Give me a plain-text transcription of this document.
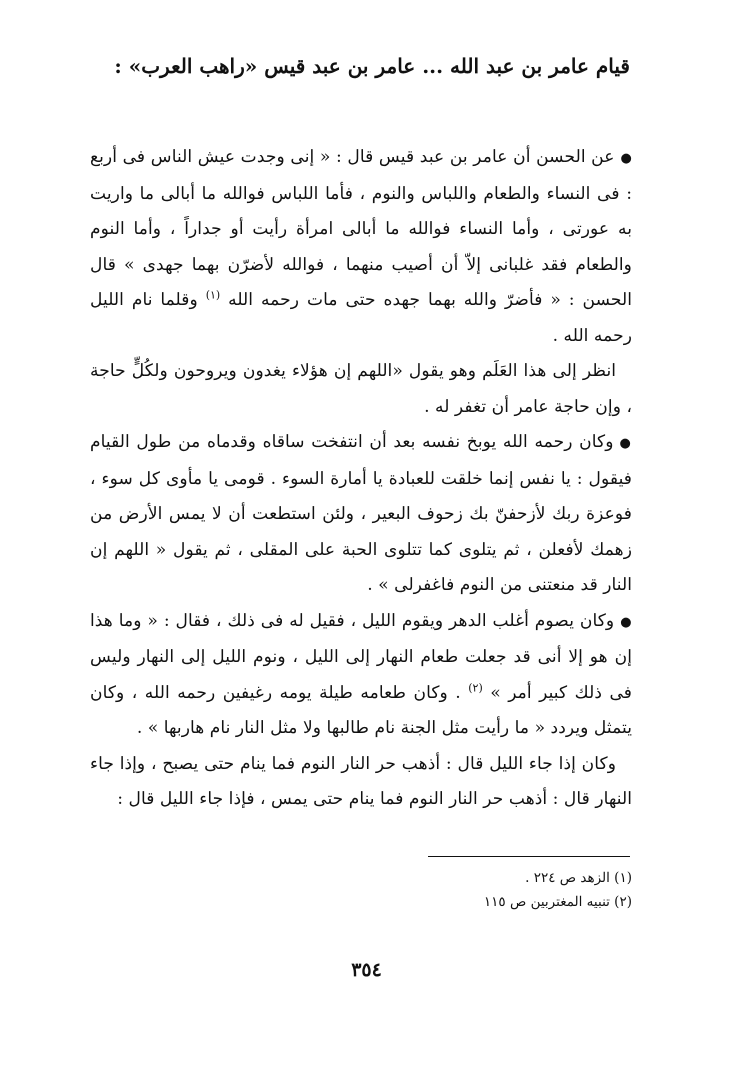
قيام عامر بن عبد الله ... عامر بن عبد قيس «راهب العرب» :

●عن الحسن أن عامر بن عبد قيس قال : « إنى وجدت عيش الناس فى أربع : فى النساء والطعام واللباس والنوم ، فأما اللباس فوالله ما أبالى ما واريت به عورتى ، وأما النساء فوالله ما أبالى امرأة رأيت أو جداراً ، وأما النوم والطعام فقد غلبانى إلاّ أن أصيب منهما ، فوالله لأضرّن بهما جهدى » قال الحسن : « فأضرّ والله بهما جهده حتى مات رحمه الله $^{(١)}$ وقلما نام الليل رحمه الله .

انظر إلى هذا العَلَم وهو يقول «اللهم إن هؤلاء يغدون ويروحون ولكُلٍّ حاجة ، وإن حاجة عامر أن تغفر له .

●وكان رحمه الله يوبخ نفسه بعد أن انتفخت ساقاه وقدماه من طول القيام فيقول : يا نفس إنما خلقت للعبادة يا أمارة السوء . قومى يا مأوى كل سوء ، فوعزة ربك لأزحفنّ بك زحوف البعير ، ولئن استطعت أن لا يمس الأرض من زهمك لأفعلن ، ثم يتلوى كما تتلوى الحبة على المقلى ، ثم يقول « اللهم إن النار قد منعتنى من النوم فاغفرلى » .

●وكان يصوم أغلب الدهر ويقوم الليل ، فقيل له فى ذلك ، فقال : « وما هذا إن هو إلا أنى قد جعلت طعام النهار إلى الليل ، ونوم الليل إلى النهار وليس فى ذلك كبير أمر » $^{(٢)}$ . وكان طعامه طيلة يومه رغيفين رحمه الله ، وكان يتمثل ويردد « ما رأيت مثل الجنة نام طالبها ولا مثل النار نام هاربها » .

وكان إذا جاء الليل قال : أذهب حر النار النوم فما ينام حتى يصبح ، وإذا جاء النهار قال : أذهب حر النار النوم فما ينام حتى يمس ، فإذا جاء الليل قال :

(١) الزهد ص ٢٢٤ .
(٢) تنبيه المغتربين ص ١١٥
٣٥٤
